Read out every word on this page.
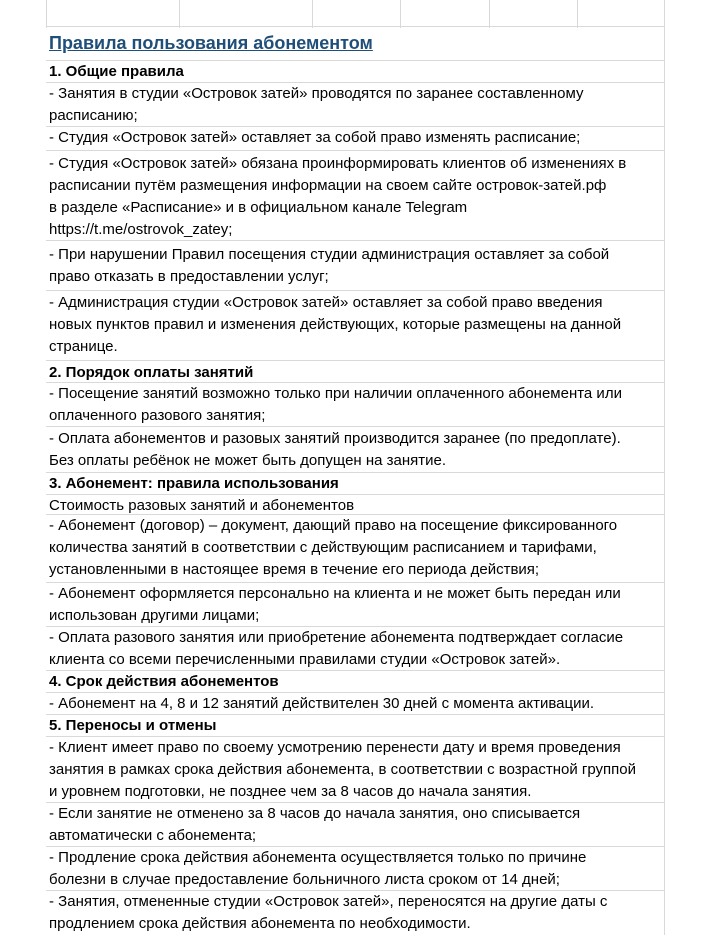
Правила пользования абонементом
1. Общие правила
- Занятия в студии «Островок затей» проводятся по заранее составленному
расписанию;
- Студия «Островок затей» оставляет за собой право изменять расписание;
- Студия «Островок затей» обязана проинформировать клиентов об изменениях в
расписании путём размещения информации на своем сайте островок-затей.рф
в разделе «Расписание» и в официальном канале Telegram
https://t.me/ostrovok_zatey;
- При нарушении Правил посещения студии администрация оставляет за собой
право отказать в предоставлении услуг;
- Администрация студии «Островок затей» оставляет за собой право введения
новых пунктов правил и изменения действующих, которые размещены на данной
странице.
2. Порядок оплаты занятий
- Посещение занятий возможно только при наличии оплаченного абонемента или
оплаченного разового занятия;
- Оплата абонементов и разовых занятий производится заранее (по предоплате).
Без оплаты ребёнок не может быть допущен на занятие.
3. Абонемент: правила использования
Стоимость разовых занятий и абонементов
- Абонемент (договор) – документ, дающий право на посещение фиксированного
количества занятий в соответствии с действующим расписанием и тарифами,
установленными в настоящее время в течение его периода действия;
- Абонемент оформляется персонально на клиента и не может быть передан или
использован другими лицами;
- Оплата разового занятия или приобретение абонемента подтверждает согласие
клиента со всеми перечисленными правилами студии «Островок затей».
4. Срок действия абонементов
- Абонемент на 4, 8 и 12 занятий действителен 30 дней с момента активации.
5. Переносы и отмены
- Клиент имеет право по своему усмотрению перенести дату и время проведения
занятия в рамках срока действия абонемента, в соответствии с возрастной группой
и уровнем подготовки, не позднее чем за 8 часов до начала занятия.
- Если занятие не отменено за 8 часов до начала занятия, оно списывается
автоматически с абонемента;
- Продление срока действия абонемента осуществляется только по причине
болезни в случае предоставление больничного листа сроком от 14 дней;
- Занятия, отмененные студии «Островок затей», переносятся на другие даты с
продлением срока действия абонемента по необходимости.
